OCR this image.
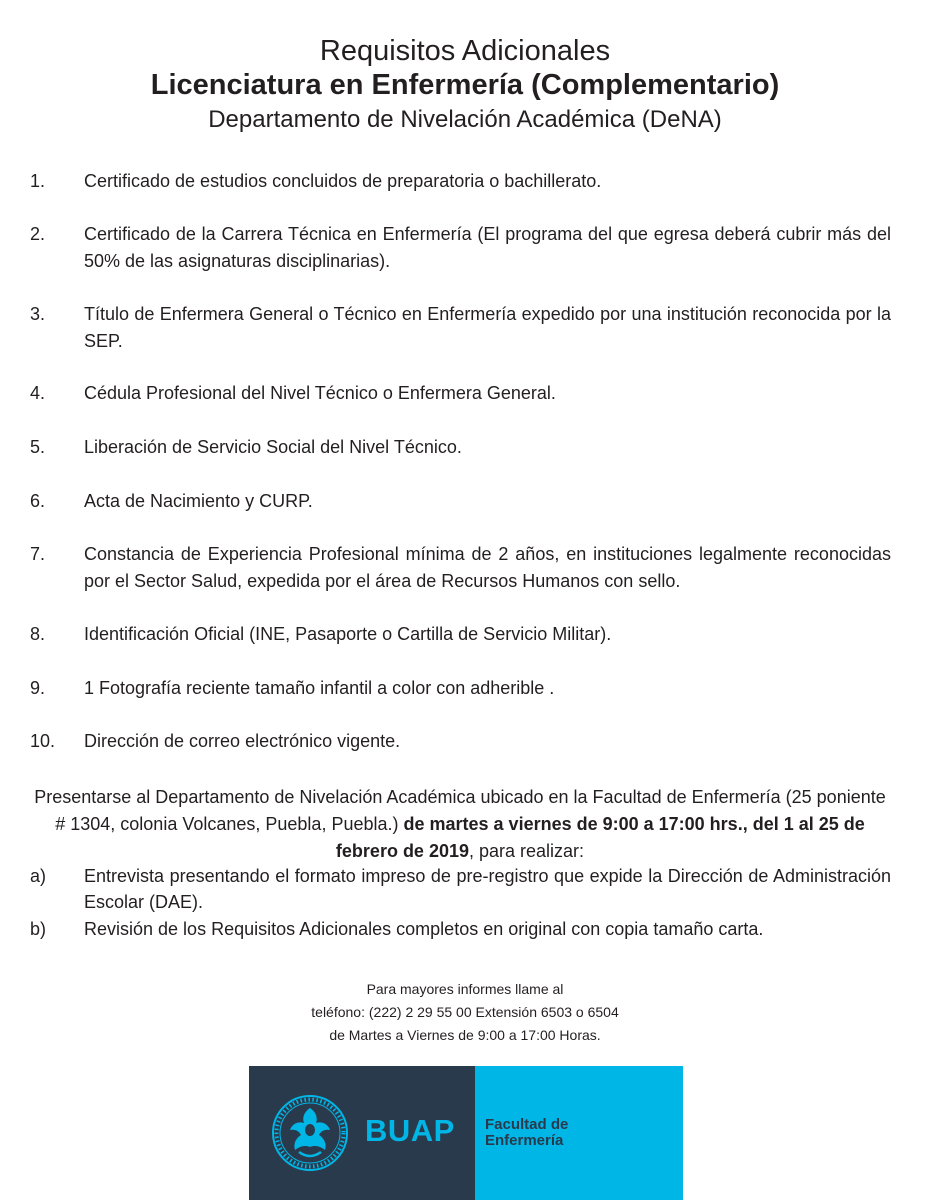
Requisitos Adicionales
Licenciatura en Enfermería (Complementario)
Departamento de Nivelación Académica (DeNA)
1.	Certificado de estudios concluidos de preparatoria o bachillerato.
2.	Certificado de la Carrera Técnica en Enfermería (El programa del que egresa deberá cubrir más del 50% de las asignaturas disciplinarias).
3.	Título de Enfermera General o Técnico en Enfermería expedido por una institución reconocida por la SEP.
4.	Cédula Profesional del Nivel Técnico o Enfermera General.
5.	Liberación de Servicio Social del Nivel Técnico.
6.	Acta de Nacimiento y CURP.
7.	Constancia de Experiencia Profesional mínima de 2 años, en instituciones legalmente reconocidas por el Sector Salud, expedida por el área de Recursos Humanos con sello.
8.	Identificación Oficial (INE, Pasaporte o Cartilla de Servicio Militar).
9.	1 Fotografía reciente tamaño infantil a color con adherible .
10.	Dirección de correo electrónico vigente.

Presentarse al Departamento de Nivelación Académica ubicado en la Facultad de Enfermería (25 poniente # 1304, colonia Volcanes, Puebla, Puebla.) de martes a viernes de 9:00 a 17:00 hrs., del 1 al 25 de febrero de 2019, para realizar:

a) Entrevista presentando el formato impreso de pre-registro que expide la Dirección de Administración Escolar (DAE).
b) Revisión de los Requisitos Adicionales completos en original con copia tamaño carta.
Para mayores informes llame al
teléfono: (222) 2 29 55 00 Extensión 6503 o 6504
de Martes a Viernes de 9:00 a 17:00 Horas.
BUAP Facultad de
Enfermería
